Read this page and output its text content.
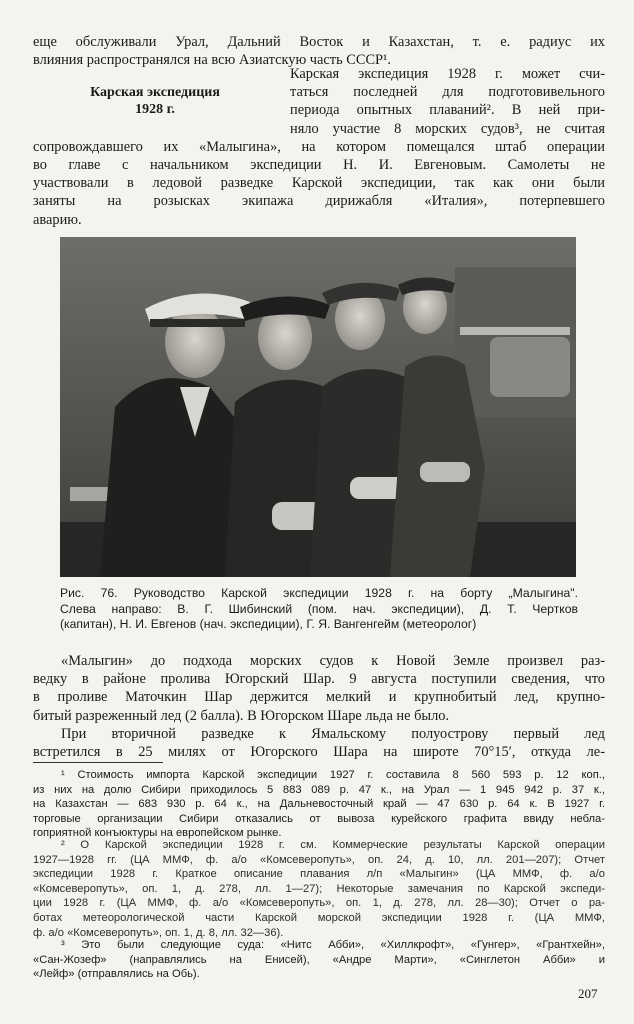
еще обслуживали Урал, Дальний Восток и Казахстан, т. е. радиус их
влияния распространялся на всю Азиатскую часть СССР¹.
Карская экспедиция
1928 г.
Карская экспедиция 1928 г. может счи-
таться последней для подготовивельного
периода опытных плаваний². В ней при-
няло участие 8 морских судов³, не считая
сопровождавшего их «Малыгина», на котором помещался штаб операции
во главе с начальником экспедиции Н. И. Евгеновым. Самолеты не
участвовали в ледовой разведке Карской экспедиции, так как они были
заняты на розысках экипажа дирижабля «Италия», потерпевшего
аварию.
Рис. 76. Руководство Карской экспедиции 1928 г. на борту „Малыгина".
Слева направо: В. Г. Шибинский (пом. нач. экспедиции), Д. Т. Чертков
(капитан), Н. И. Евгенов (нач. экспедиции), Г. Я. Вангенгейм (метеоролог)
«Малыгин» до подхода морских судов к Новой Земле произвел раз-
ведку в районе пролива Югорский Шар. 9 августа поступили сведения, что
в проливе Маточкин Шар держится мелкий и крупнобитый лед, крупно-
битый разреженный лед (2 балла). В Югорском Шаре льда не было.
При вторичной разведке к Ямальскому полуострову первый лед
встретился в 25 милях от Югорского Шара на широте 70°15′, откуда ле-
¹ Стоимость импорта Карской экспедиции 1927 г. составила 8 560 593 р. 12 коп.,
из них на долю Сибири приходилось 5 883 089 р. 47 к., на Урал — 1 945 942 р. 37 к.,
на Казахстан — 683 930 р. 64 к., на Дальневосточный край — 47 630 р. 64 к. В 1927 г.
торговые организации Сибири отказались от вывоза курейского графита ввиду небла-
гоприятной конъюктуры на европейском рынке.
² О Карской экспедиции 1928 г. см. Коммерческие результаты Карской операции
1927—1928 гг. (ЦА ММФ, ф. а/о «Комсеверопуть», оп. 24, д. 10, лл. 201—207); Отчет
экспедиции 1928 г. Краткое описание плавания л/п «Малыгин» (ЦА ММФ, ф. а/о
«Комсеверопуть», оп. 1, д. 278, лл. 1—27); Некоторые замечания по Карской экспеди-
ции 1928 г. (ЦА ММФ, ф. а/о «Комсеверопуть», оп. 1, д. 278, лл. 28—30); Отчет о ра-
ботах метеорологической части Карской морской экспедиции 1928 г. (ЦА ММФ,
ф. а/о «Комсеверопуть», оп. 1, д. 8, лл. 32—36).
³ Это были следующие суда: «Нитс Абби», «Хиллкрофт», «Гунгер», «Грантхейн»,
«Сан-Жозеф» (направлялись на Енисей), «Андре Марти», «Синглетон Абби» и
«Лейф» (отправлялись на Обь).
207
